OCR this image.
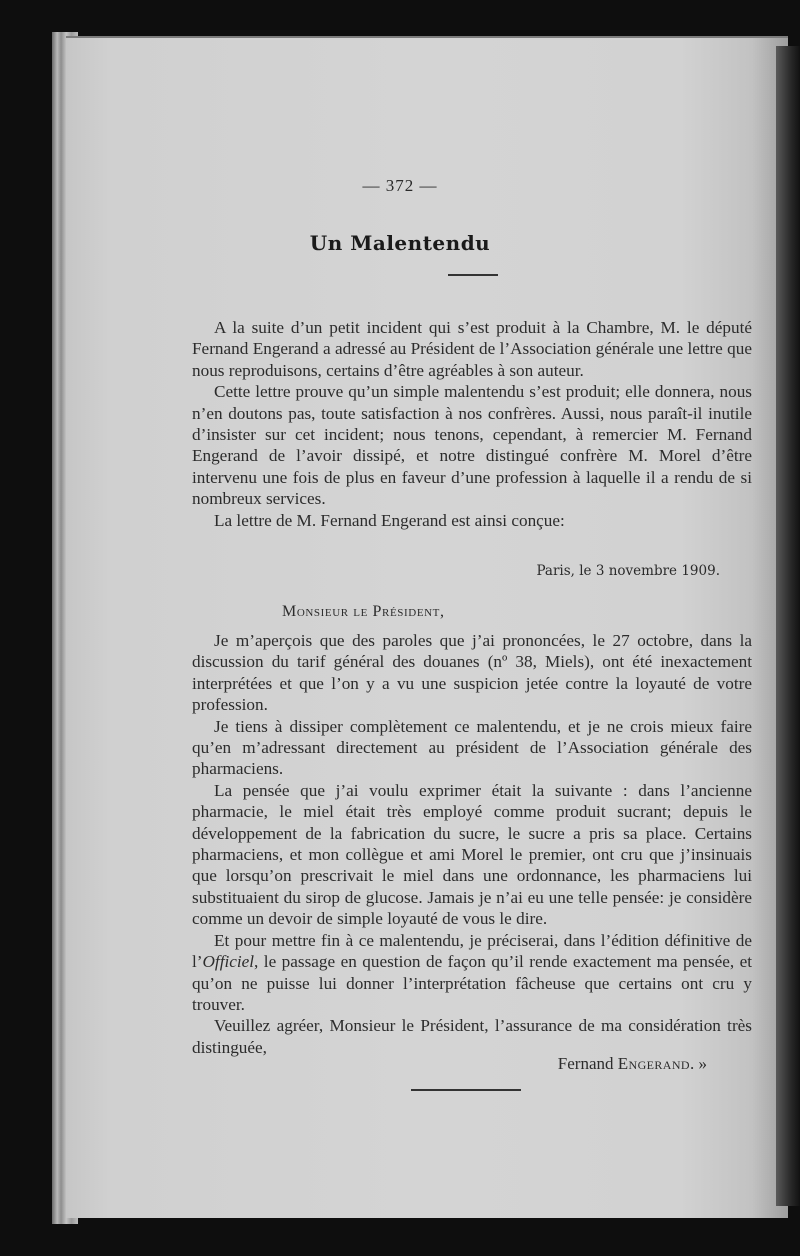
— 372 —
Un Malentendu

A la suite d’un petit incident qui s’est produit à la Chambre, M. le député Fernand Engerand a adressé au Président de l’Association générale une lettre que nous reproduisons, certains d’être agréables à son auteur.

Cette lettre prouve qu’un simple malentendu s’est produit; elle donnera, nous n’en doutons pas, toute satisfaction à nos confrères. Aussi, nous paraît-il inutile d’insister sur cet incident; nous tenons, cependant, à remercier M. Fernand Engerand de l’avoir dissipé, et notre distingué confrère M. Morel d’être intervenu une fois de plus en faveur d’une profession à laquelle il a rendu de si nombreux services.

La lettre de M. Fernand Engerand est ainsi conçue:

Paris, le 3 novembre 1909.
Monsieur le Président,

Je m’aperçois que des paroles que j’ai prononcées, le 27 octobre, dans la discussion du tarif général des douanes (nº 38, Miels), ont été inexactement interprétées et que l’on y a vu une suspicion jetée contre la loyauté de votre profession.

Je tiens à dissiper complètement ce malentendu, et je ne crois mieux faire qu’en m’adressant directement au président de l’Association générale des pharmaciens.

La pensée que j’ai voulu exprimer était la suivante : dans l’ancienne pharmacie, le miel était très employé comme produit sucrant; depuis le développement de la fabrication du sucre, le sucre a pris sa place. Certains pharmaciens, et mon collègue et ami Morel le premier, ont cru que j’insinuais que lorsqu’on prescrivait le miel dans une ordonnance, les pharmaciens lui substituaient du sirop de glucose. Jamais je n’ai eu une telle pensée: je considère comme un devoir de simple loyauté de vous le dire.

Et pour mettre fin à ce malentendu, je préciserai, dans l’édition définitive de l’Officiel, le passage en question de façon qu’il rende exactement ma pensée, et qu’on ne puisse lui donner l’interprétation fâcheuse que certains ont cru y trouver.

Veuillez agréer, Monsieur le Président, l’assurance de ma considération très distinguée,

Fernand Engerand. »
